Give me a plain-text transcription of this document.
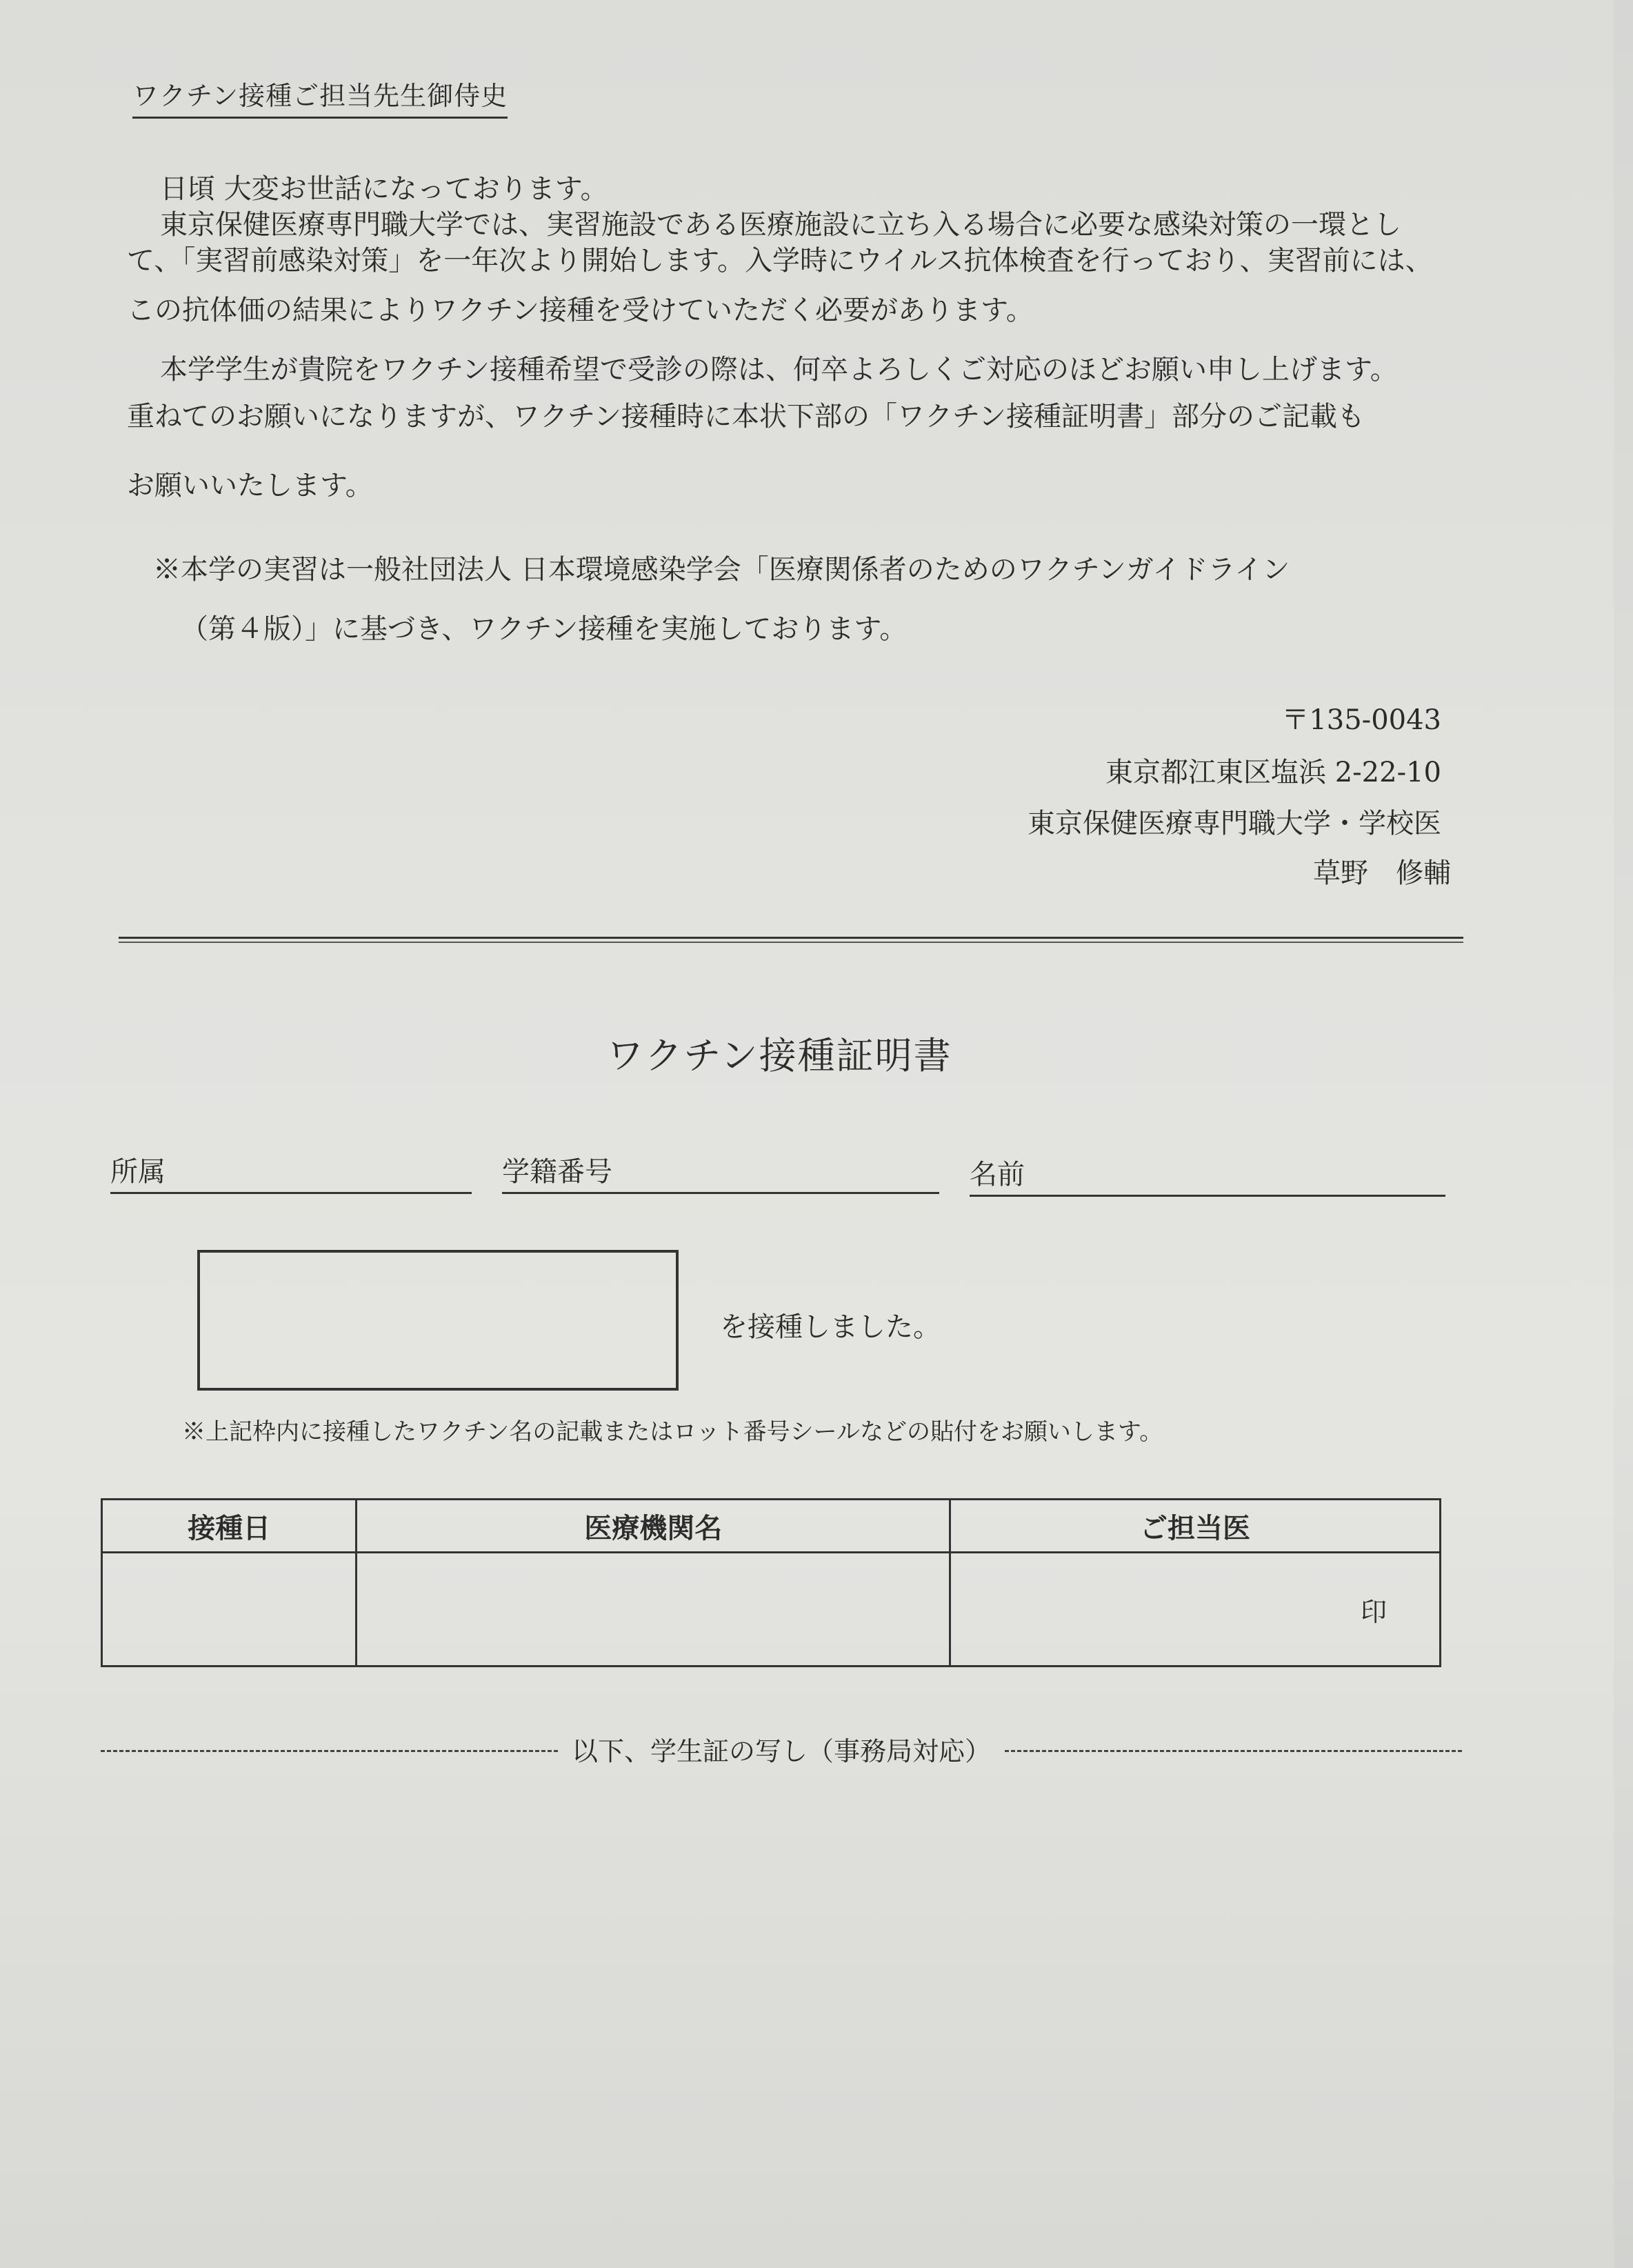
ワクチン接種ご担当先生御侍史
日頃 大変お世話になっております。
東京保健医療専門職大学では、実習施設である医療施設に立ち入る場合に必要な感染対策の一環とし
て、「実習前感染対策」を一年次より開始します。入学時にウイルス抗体検査を行っており、実習前には、
この抗体価の結果によりワクチン接種を受けていただく必要があります。
本学学生が貴院をワクチン接種希望で受診の際は、何卒よろしくご対応のほどお願い申し上げます。
重ねてのお願いになりますが、ワクチン接種時に本状下部の「ワクチン接種証明書」部分のご記載も
お願いいたします。
※本学の実習は一般社団法人 日本環境感染学会「医療関係者のためのワクチンガイドライン
（第４版）」に基づき、ワクチン接種を実施しております。
〒135-0043
東京都江東区塩浜 2-22-10
東京保健医療専門職大学・学校医
草野　修輔
ワクチン接種証明書
所属	学籍番号	名前
を接種しました。
※上記枠内に接種したワクチン名の記載またはロット番号シールなどの貼付をお願いします。
接種日	医療機関名	ご担当医

		印
以下、学生証の写し（事務局対応）
